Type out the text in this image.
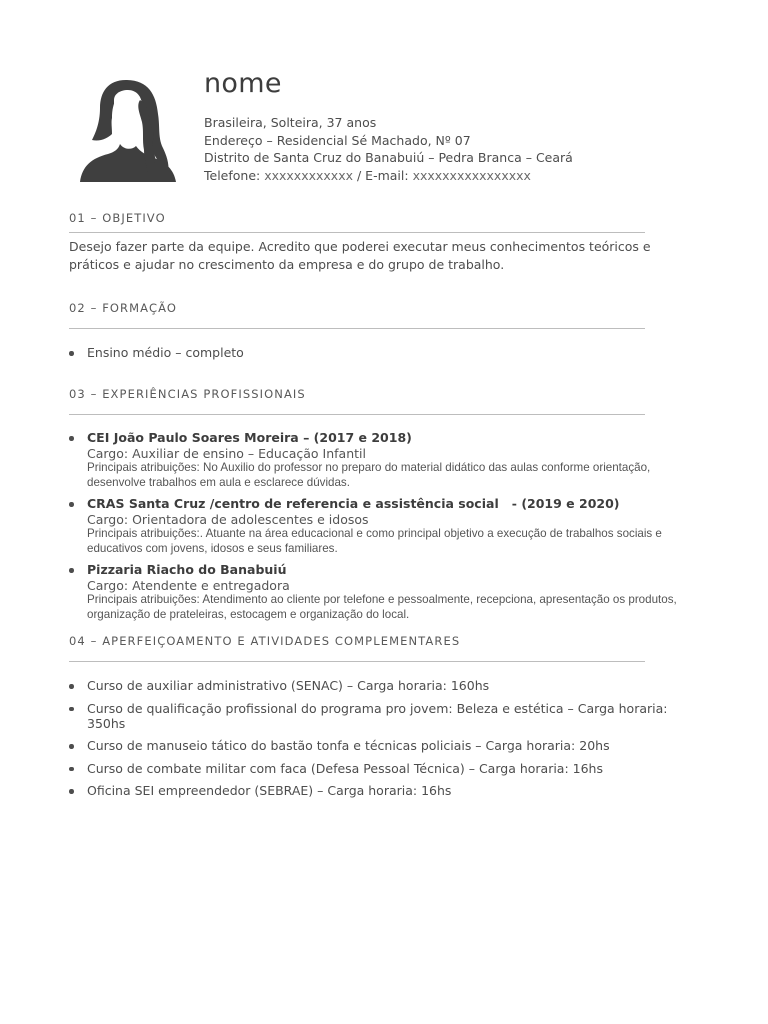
nome
Brasileira, Solteira, 37 anos
Endereço – Residencial Sé Machado, Nº 07
Distrito de Santa Cruz do Banabuiú – Pedra Branca – Ceará
Telefone: xxxxxxxxxxxx / E-mail: xxxxxxxxxxxxxxxx
01 – OBJETIVO

Desejo fazer parte da equipe. Acredito que poderei executar meus conhecimentos teóricos e práticos e ajudar no crescimento da empresa e do grupo de trabalho.

02 – FORMAÇÃO
Ensino médio – completo
03 – EXPERIÊNCIAS PROFISSIONAIS
CEI João Paulo Soares Moreira – (2017 e 2018)
Cargo: Auxiliar de ensino – Educação Infantil
Principais atribuições: No Auxilio do professor no preparo do material didático das aulas conforme orientação, desenvolve trabalhos em aula e esclarece dúvidas.
CRAS Santa Cruz /centro de referencia e assistência social   - (2019 e 2020)
Cargo: Orientadora de adolescentes e idosos
Principais atribuições:. Atuante na área educacional e como principal objetivo a execução de trabalhos sociais e educativos com jovens, idosos e seus familiares.
Pizzaria Riacho do Banabuiú
Cargo: Atendente e entregadora
Principais atribuições: Atendimento ao cliente por telefone e pessoalmente, recepciona, apresentação os produtos, organização de prateleiras, estocagem e organização do local.
04 – APERFEIÇOAMENTO E ATIVIDADES COMPLEMENTARES
Curso de auxiliar administrativo (SENAC) – Carga horaria: 160hs
Curso de qualificação profissional do programa pro jovem: Beleza e estética – Carga horaria: 350hs
Curso de manuseio tático do bastão tonfa e técnicas policiais – Carga horaria: 20hs
Curso de combate militar com faca (Defesa Pessoal Técnica) – Carga horaria: 16hs
Oficina SEI empreendedor (SEBRAE) – Carga horaria: 16hs
